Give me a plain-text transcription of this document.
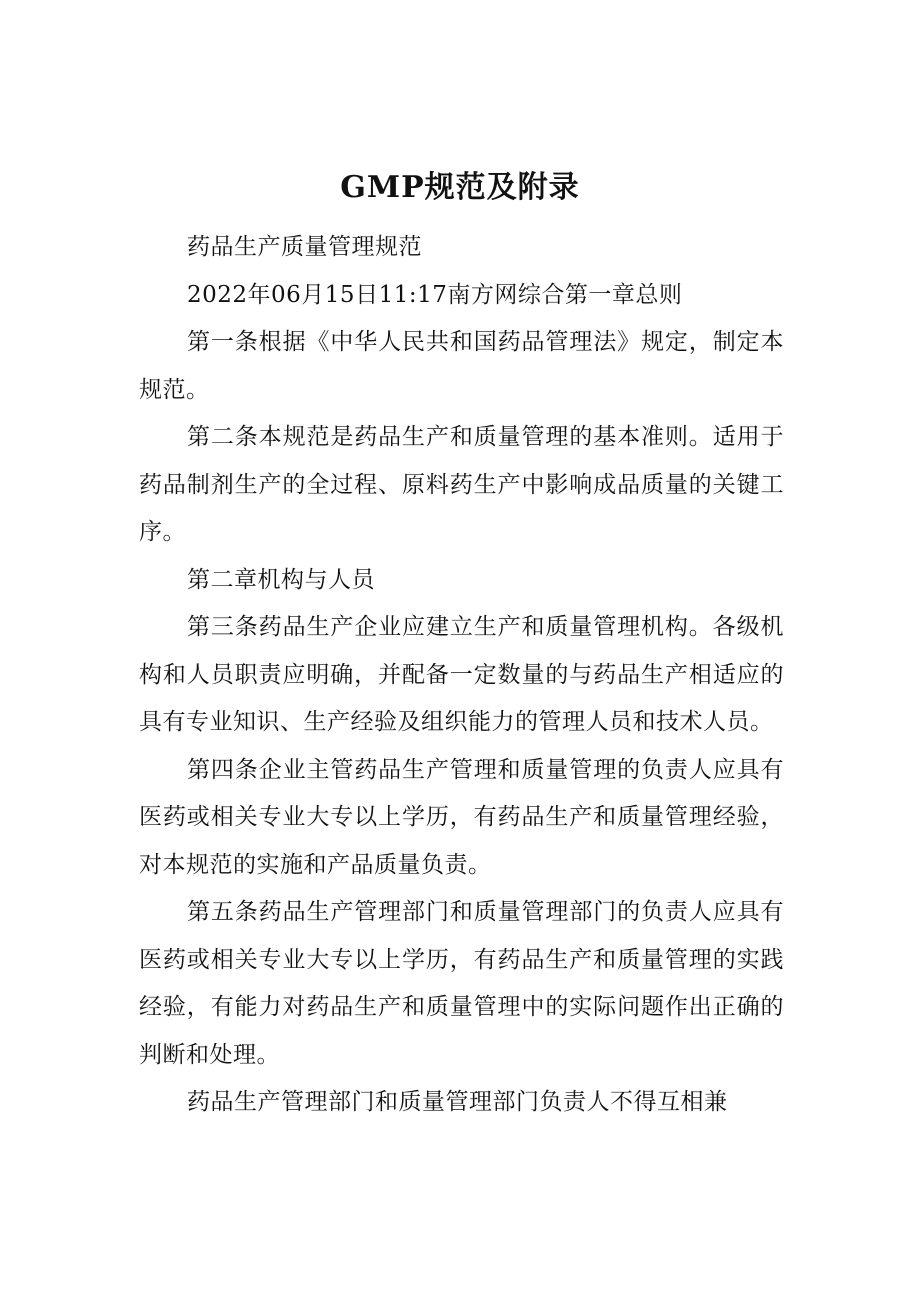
GMP规范及附录

药品生产质量管理规范

2022年06月15日11:17南方网综合第一章总则

第一条根据《中华人民共和国药品管理法》规定，制定本规范。

第二条本规范是药品生产和质量管理的基本准则。适用于药品制剂生产的全过程、原料药生产中影响成品质量的关键工序。

第二章机构与人员

第三条药品生产企业应建立生产和质量管理机构。各级机构和人员职责应明确，并配备一定数量的与药品生产相适应的具有专业知识、生产经验及组织能力的管理人员和技术人员。

第四条企业主管药品生产管理和质量管理的负责人应具有医药或相关专业大专以上学历，有药品生产和质量管理经验，对本规范的实施和产品质量负责。

第五条药品生产管理部门和质量管理部门的负责人应具有医药或相关专业大专以上学历，有药品生产和质量管理的实践经验，有能力对药品生产和质量管理中的实际问题作出正确的判断和处理。

药品生产管理部门和质量管理部门负责人不得互相兼
